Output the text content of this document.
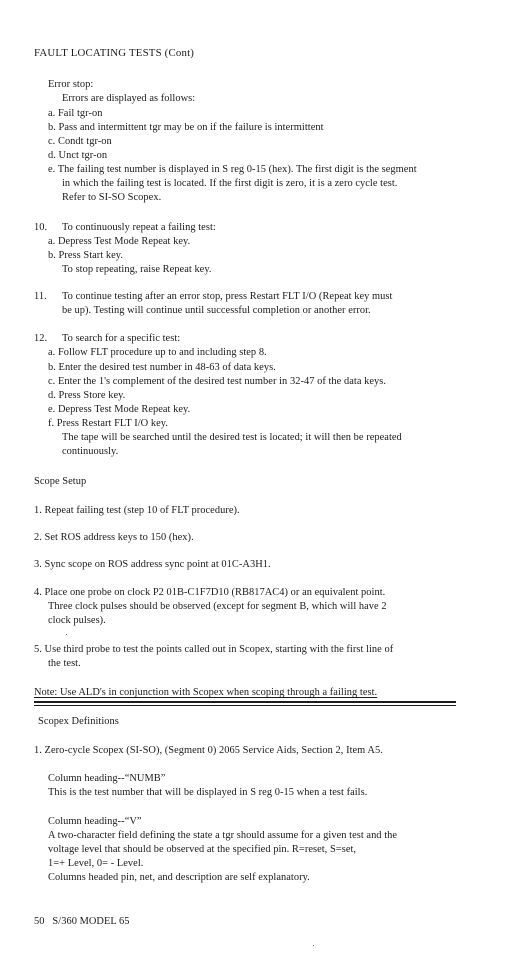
FAULT LOCATING TESTS (Cont)
Error stop:
Errors are displayed as follows:
a. Fail tgr-on
b. Pass and intermittent tgr may be on if the failure is intermittent
c. Condt tgr-on
d. Unct tgr-on
e. The failing test number is displayed in S reg 0-15 (hex). The first digit is the segment
in which the failing test is located. If the first digit is zero, it is a zero cycle test.
Refer to SI-SO Scopex.
10. To continuously repeat a failing test:
a. Depress Test Mode Repeat key.
b. Press Start key.
To stop repeating, raise Repeat key.
11. To continue testing after an error stop, press Restart FLT I/O (Repeat key must
be up). Testing will continue until successful completion or another error.
12. To search for a specific test:
a. Follow FLT procedure up to and including step 8.
b. Enter the desired test number in 48-63 of data keys.
c. Enter the 1's complement of the desired test number in 32-47 of the data keys.
d. Press Store key.
e. Depress Test Mode Repeat key.
f. Press Restart FLT I/O key.
The tape will be searched until the desired test is located; it will then be repeated
continuously.
Scope Setup
1. Repeat failing test (step 10 of FLT procedure).
2. Set ROS address keys to 150 (hex).
3. Sync scope on ROS address sync point at 01C-A3H1.
4. Place one probe on clock P2 01B-C1F7D10 (RB817AC4) or an equivalent point.
Three clock pulses should be observed (except for segment B, which will have 2
clock pulses).
5. Use third probe to test the points called out in Scopex, starting with the first line of
the test.
Note: Use ALD's in conjunction with Scopex when scoping through a failing test.
Scopex Definitions
1. Zero-cycle Scopex (SI-SO), (Segment 0) 2065 Service Aids, Section 2, Item A5.
Column heading--“NUMB”
This is the test number that will be displayed in S reg 0-15 when a test fails.
Column heading--“V”
A two-character field defining the state a tgr should assume for a given test and the
voltage level that should be observed at the specified pin. R=reset, S=set,
1=+ Level, 0= - Level.
Columns headed pin, net, and description are self explanatory.
50   S/360 MODEL 65
